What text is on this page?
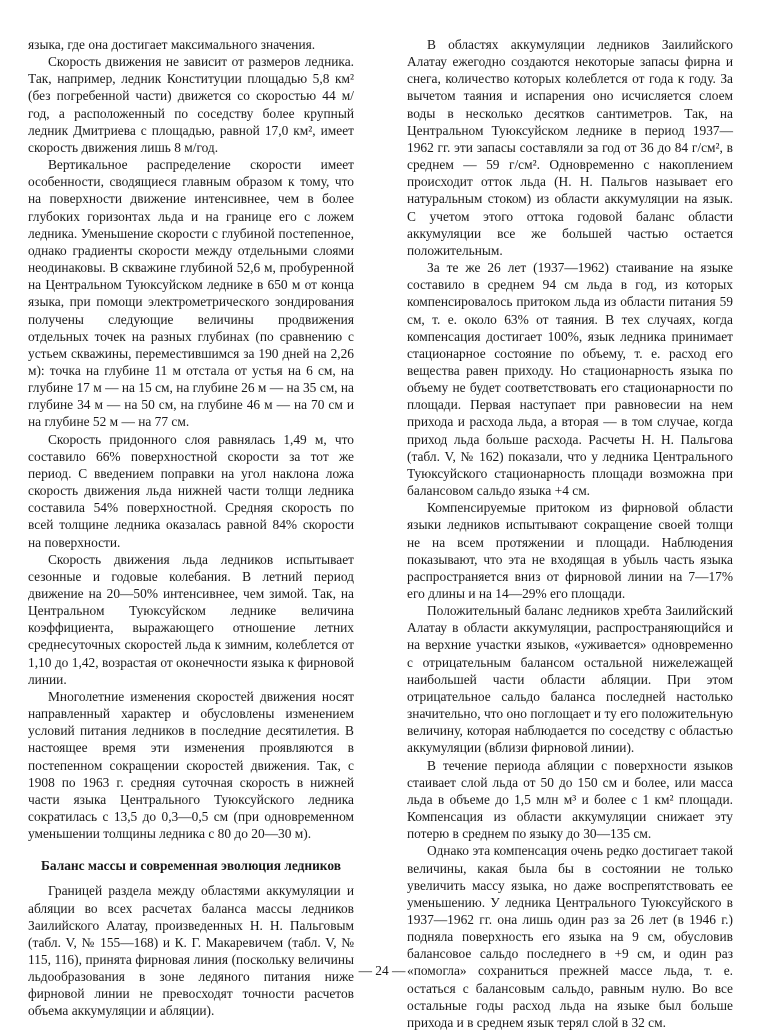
языка, где она достигает максимального значения.

Скорость движения не зависит от размеров ледника. Так, например, ледник Конституции площадью 5,8 км² (без погребенной части) движется со скоростью 44 м/год, а расположенный по соседству более крупный ледник Дмитриева с площадью, равной 17,0 км², имеет скорость движения лишь 8 м/год.

Вертикальное распределение скорости имеет особенности, сводящиеся главным образом к тому, что на поверхности движение интенсивнее, чем в более глубоких горизонтах льда и на границе его с ложем ледника. Уменьшение скорости с глубиной постепенное, однако градиенты скорости между отдельными слоями неодинаковы. В скважине глубиной 52,6 м, пробуренной на Центральном Туюксуйском леднике в 650 м от конца языка, при помощи электрометрического зондирования получены следующие величины продвижения отдельных точек на разных глубинах (по сравнению с устьем скважины, переместившимся за 190 дней на 2,26 м): точка на глубине 11 м отстала от устья на 6 см, на глубине 17 м — на 15 см, на глубине 26 м — на 35 см, на глубине 34 м — на 50 см, на глубине 46 м — на 70 см и на глубине 52 м — на 77 см.

Скорость придонного слоя равнялась 1,49 м, что составило 66% поверхностной скорости за тот же период. С введением поправки на угол наклона ложа скорость движения льда нижней части толщи ледника составила 54% поверхностной. Средняя скорость по всей толщине ледника оказалась равной 84% скорости на поверхности.

Скорость движения льда ледников испытывает сезонные и годовые колебания. В летний период движение на 20—50% интенсивнее, чем зимой. Так, на Центральном Туюксуйском леднике величина коэффициента, выражающего отношение летних среднесуточных скоростей льда к зимним, колеблется от 1,10 до 1,42, возрастая от оконечности языка к фирновой линии.

Многолетние изменения скоростей движения носят направленный характер и обусловлены изменением условий питания ледников в последние десятилетия. В настоящее время эти изменения проявляются в постепенном сокращении скоростей движения. Так, с 1908 по 1963 г. средняя суточная скорость в нижней части языка Центрального Туюксуйского ледника сократилась с 13,5 до 0,3—0,5 см (при одновременном уменьшении толщины ледника с 80 до 20—30 м).

Баланс массы и современная эволюция ледников

Границей раздела между областями аккумуляции и абляции во всех расчетах баланса массы ледников Заилийского Алатау, произведенных Н. Н. Пальговым (табл. V, № 155—168) и К. Г. Макаревичем (табл. V, № 115, 116), принята фирновая линия (поскольку величины льдообразования в зоне ледяного питания ниже фирновой линии не превосходят точности расчетов объема аккумуляции и абляции).

В областях аккумуляции ледников Заилийского Алатау ежегодно создаются некоторые запасы фирна и снега, количество которых колеблется от года к году. За вычетом таяния и испарения оно исчисляется слоем воды в несколько десятков сантиметров. Так, на Центральном Туюксуйском леднике в период 1937—1962 гг. эти запасы составляли за год от 36 до 84 г/см², в среднем — 59 г/см². Одновременно с накоплением происходит отток льда (Н. Н. Пальгов называет его натуральным стоком) из области аккумуляции на язык. С учетом этого оттока годовой баланс области аккумуляции все же большей частью остается положительным.

За те же 26 лет (1937—1962) стаивание на языке составило в среднем 94 см льда в год, из которых компенсировалось притоком льда из области питания 59 см, т. е. около 63% от таяния. В тех случаях, когда компенсация достигает 100%, язык ледника принимает стационарное состояние по объему, т. е. расход его вещества равен приходу. Но стационарность языка по объему не будет соответствовать его стационарности по площади. Первая наступает при равновесии на нем прихода и расхода льда, а вторая — в том случае, когда приход льда больше расхода. Расчеты Н. Н. Пальгова (табл. V, № 162) показали, что у ледника Центрального Туюксуйского стационарность площади возможна при балансовом сальдо языка +4 см.

Компенсируемые притоком из фирновой области языки ледников испытывают сокращение своей толщи не на всем протяжении и площади. Наблюдения показывают, что эта не входящая в убыль часть языка распространяется вниз от фирновой линии на 7—17% его длины и на 14—29% его площади.

Положительный баланс ледников хребта Заилийский Алатау в области аккумуляции, распространяющийся и на верхние участки языков, «уживается» одновременно с отрицательным балансом остальной нижележащей наибольшей части области абляции. При этом отрицательное сальдо баланса последней настолько значительно, что оно поглощает и ту его положительную величину, которая наблюдается по соседству с областью аккумуляции (вблизи фирновой линии).

В течение периода абляции с поверхности языков стаивает слой льда от 50 до 150 см и более, или масса льда в объеме до 1,5 млн м³ и более с 1 км² площади. Компенсация из области аккумуляции снижает эту потерю в среднем по языку до 30—135 см.

Однако эта компенсация очень редко достигает такой величины, какая была бы в состоянии не только увеличить массу языка, но даже воспрепятствовать ее уменьшению. У ледника Центрального Туюксуйского в 1937—1962 гг. она лишь один раз за 26 лет (в 1946 г.) подняла поверхность его языка на 9 см, обусловив балансовое сальдо последнего в +9 см, и один раз «помогла» сохраниться прежней массе льда, т. е. остаться с балансовым сальдо, равным нулю. Во все остальные годы расход льда на языке был больше прихода и в среднем язык терял слой в 32 см.

— 24 —
